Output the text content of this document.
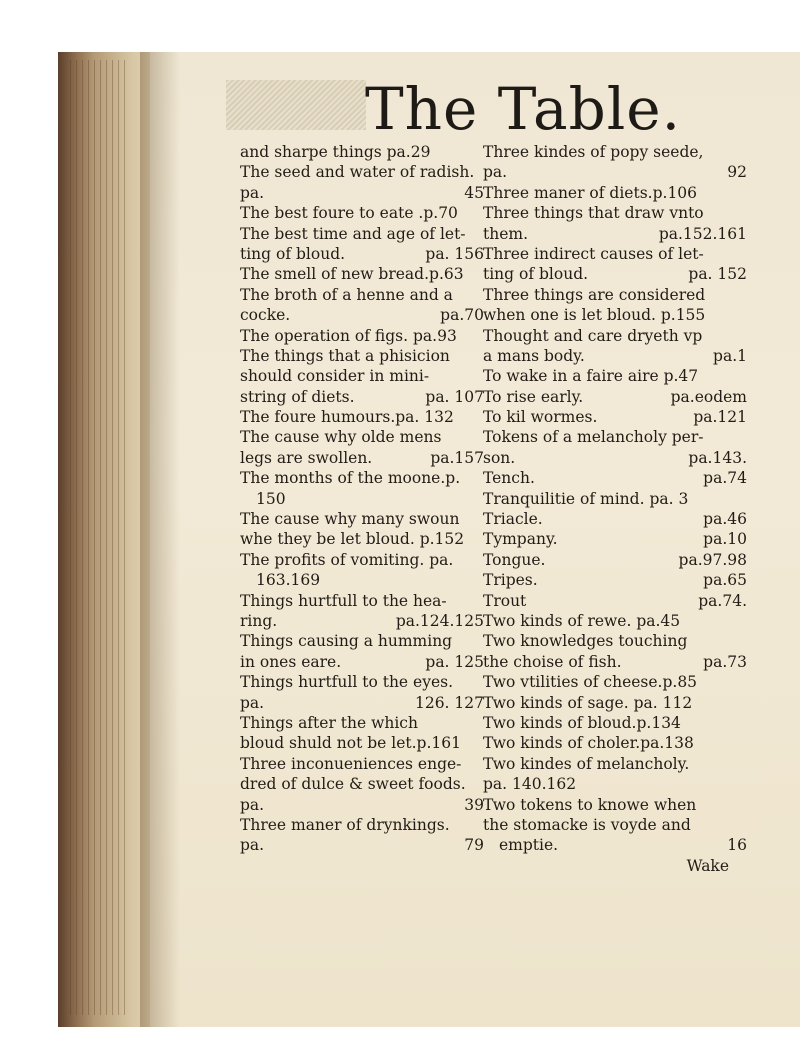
The Table.
and sharpe things pa.29
The seed and water of radish.
pa.	45
The best foure to eate .p.70
The best time and age of let-
ting of bloud.	pa. 156
The smell of new bread.p.63
The broth of a henne and a
cocke.	pa.70
The operation of figs. pa.93
The things that a phisicion
should consider in mini-
string of diets.	pa. 107
The foure humours.pa. 132
The cause why olde mens
legs are swollen.	pa.157
The months of the moone.p.
150
The cause why many swoun
whe they be let bloud. p.152
The profits of vomiting. pa.
163.169
Things hurtfull to the hea-
ring.	pa.124.125
Things causing a humming
in ones eare.	pa. 125
Things hurtfull to the eyes.
pa.	126. 127
Things after the which
bloud shuld not be let.p.161
Three inconueniences enge-
dred of dulce & sweet foods.
pa.	39
Three maner of drynkings.
pa.	79
Three kindes of popy seede,
pa.	92
Three maner of diets.p.106
Three things that draw vnto
them.	pa.152.161
Three indirect causes of let-
ting of bloud.	pa. 152
Three things are considered
when one is let bloud. p.155
Thought and care dryeth vp
a mans body.	pa.1
To wake in a faire aire p.47
To rise early.	pa.eodem
To kil wormes.	pa.121
Tokens of a melancholy per-
son.	pa.143.
Tench.	pa.74
Tranquilitie of mind. pa. 3
Triacle.	pa.46
Tympany.	pa.10
Tongue.	pa.97.98
Tripes.	pa.65
Trout	pa.74.
Two kinds of rewe. pa.45
Two knowledges touching
the choise of fish.	pa.73
Two vtilities of cheese.p.85
Two kinds of sage. pa. 112
Two kinds of bloud.p.134
Two kinds of choler.pa.138
Two kindes of melancholy.
pa. 140.162
Two tokens to knowe when
the stomacke is voyde and
emptie.	16
Wake
